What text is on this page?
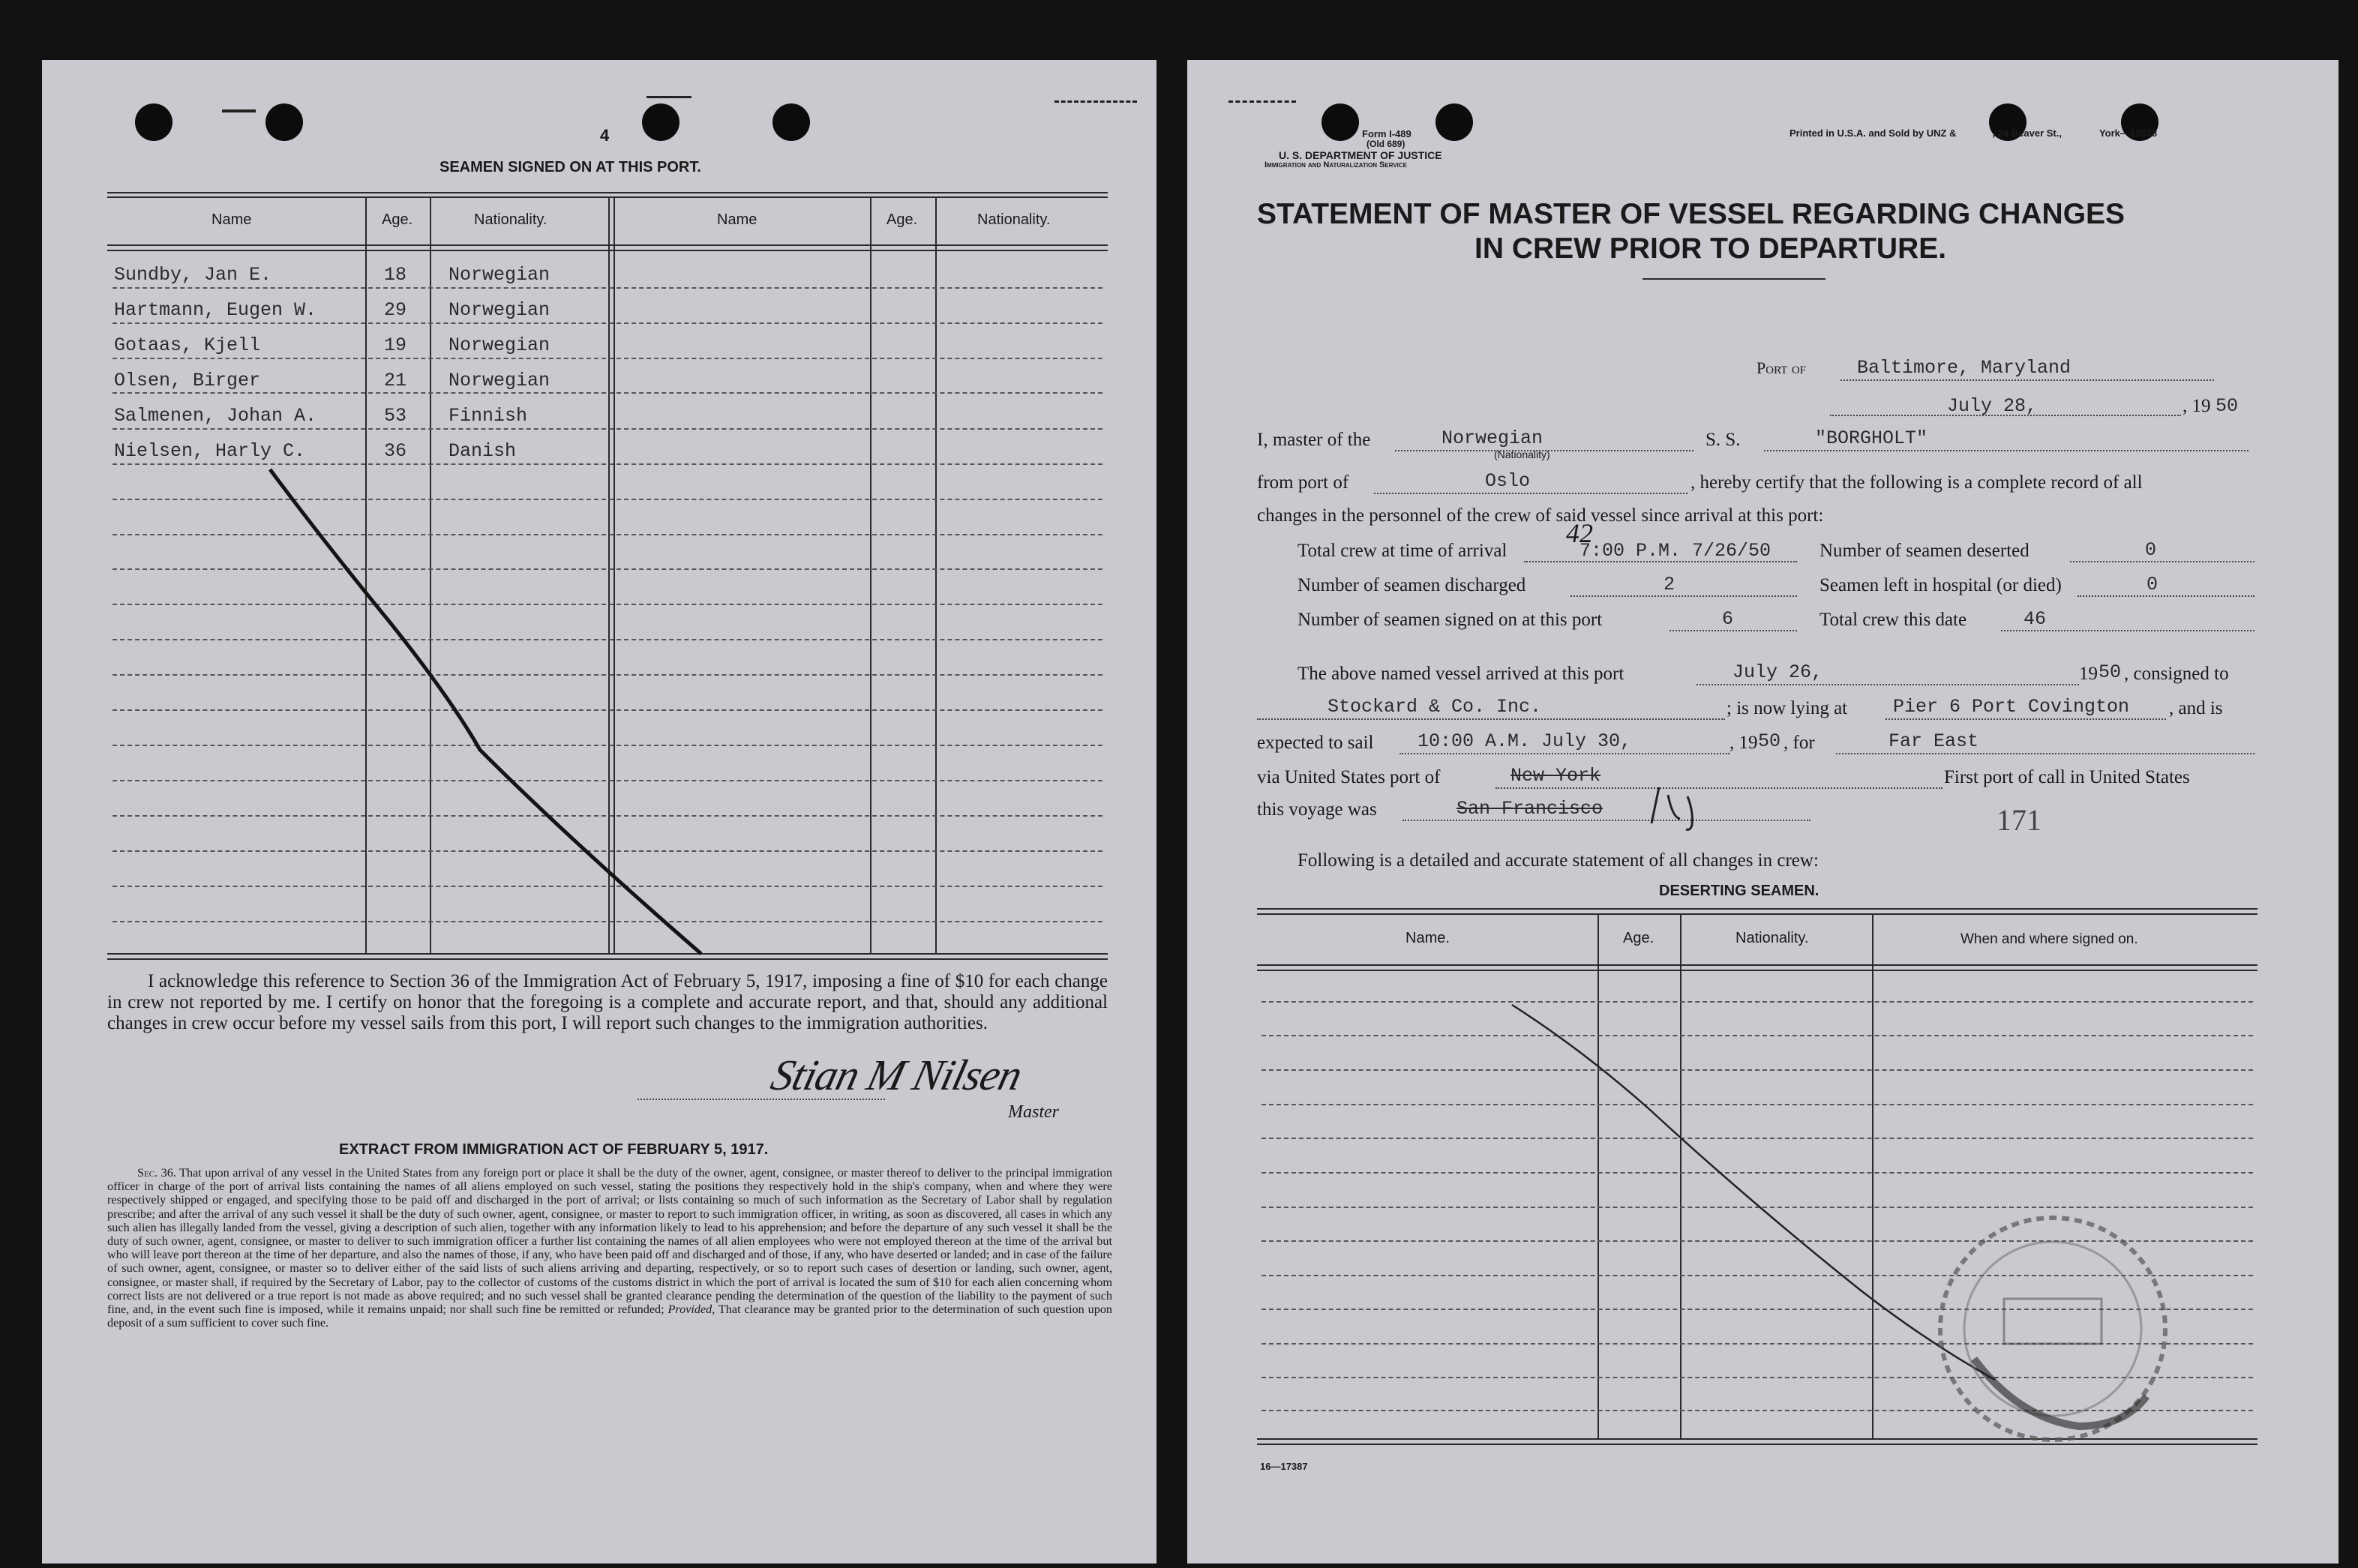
4
SEAMEN SIGNED ON AT THIS PORT.
Name	Age.	Nationality.	Name	Age.	Nationality.
Sundby, Jan E.	18 Norwegian
Hartmann, Eugen W.	29 Norwegian
Gotaas, Kjell	19 Norwegian
Olsen, Birger	21 Norwegian
Salmenen, Johan A.	53 Finnish
Nielsen, Harly C.	36 Danish
I acknowledge this reference to Section 36 of the Immigration Act of February 5, 1917, imposing a fine of $10 for each change in crew not reported by me. I certify on honor that the foregoing is a complete and accurate report, and that, should any additional changes in crew occur before my vessel sails from this port, I will report such changes to the immigration authorities.
Stian M Nilsen
Master
EXTRACT FROM IMMIGRATION ACT OF FEBRUARY 5, 1917.
Sec. 36. That upon arrival of any vessel in the United States from any foreign port or place it shall be the duty of the owner, agent, consignee, or master thereof to deliver to the principal immigration officer in charge of the port of arrival lists containing the names of all aliens employed on such vessel, stating the positions they respectively hold in the ship's company, when and where they were respectively shipped or engaged, and specifying those to be paid off and discharged in the port of arrival; or lists containing so much of such information as the Secretary of Labor shall by regulation prescribe; and after the arrival of any such vessel it shall be the duty of such owner, agent, consignee, or master to report to such immigration officer, in writing, as soon as discovered, all cases in which any such alien has illegally landed from the vessel, giving a description of such alien, together with any information likely to lead to his apprehension; and before the departure of any such vessel it shall be the duty of such owner, agent, consignee, or master to deliver to such immigration officer a further list containing the names of all alien employees who were not employed thereon at the time of the arrival but who will leave port thereon at the time of her departure, and also the names of those, if any, who have been paid off and discharged and of those, if any, who have deserted or landed; and in case of the failure of such owner, agent, consignee, or master so to deliver either of the said lists of such aliens arriving and departing, respectively, or so to report such cases of desertion or landing, such owner, agent, consignee, or master shall, if required by the Secretary of Labor, pay to the collector of customs of the customs district in which the port of arrival is located the sum of $10 for each alien concerning whom correct lists are not delivered or a true report is not made as above required; and no such vessel shall be granted clearance pending the determination of the question of the liability to the payment of such fine, and, in the event such fine is imposed, while it remains unpaid; nor shall such fine be remitted or refunded; Provided, That clearance may be granted prior to the determination of such question upon deposit of a sum sufficient to cover such fine.
Form I-489
(Old 689)
U. S. DEPARTMENT OF JUSTICE
Immigration and Naturalization Service
Printed in U.S.A. and Sold by UNZ &	, 24 Beaver St.,	York—10838
STATEMENT OF MASTER OF VESSEL REGARDING CHANGES
IN CREW PRIOR TO DEPARTURE.
Port of	Baltimore, Maryland
July 28,	, 19 50
I, master of the	Norwegian
(Nationality)
S. S.	"BORGHOLT"
from port of	Oslo	, hereby certify that the following is a complete record of all
changes in the personnel of the crew of said vessel since arrival at this port:
Total crew at time of arrival
42
7:00 P.M. 7/26/50	Number of seamen deserted	0
Number of seamen discharged	2	Seamen left in hospital (or died)	0
Number of seamen signed on at this port	6	Total crew this date	46
The above named vessel arrived at this port	July 26,	19 50 , consigned to
Stockard & Co. Inc.	; is now lying at Pier 6 Port Covington , and is
expected to sail 10:00 A.M. July 30,	, 19 50 , for	Far East
via United States port of	New York	First port of call in United States
this voyage was	San Francisco	171
Following is a detailed and accurate statement of all changes in crew:
DESERTING SEAMEN.
Name.	Age.	Nationality.	When and where signed on.
16—17387
